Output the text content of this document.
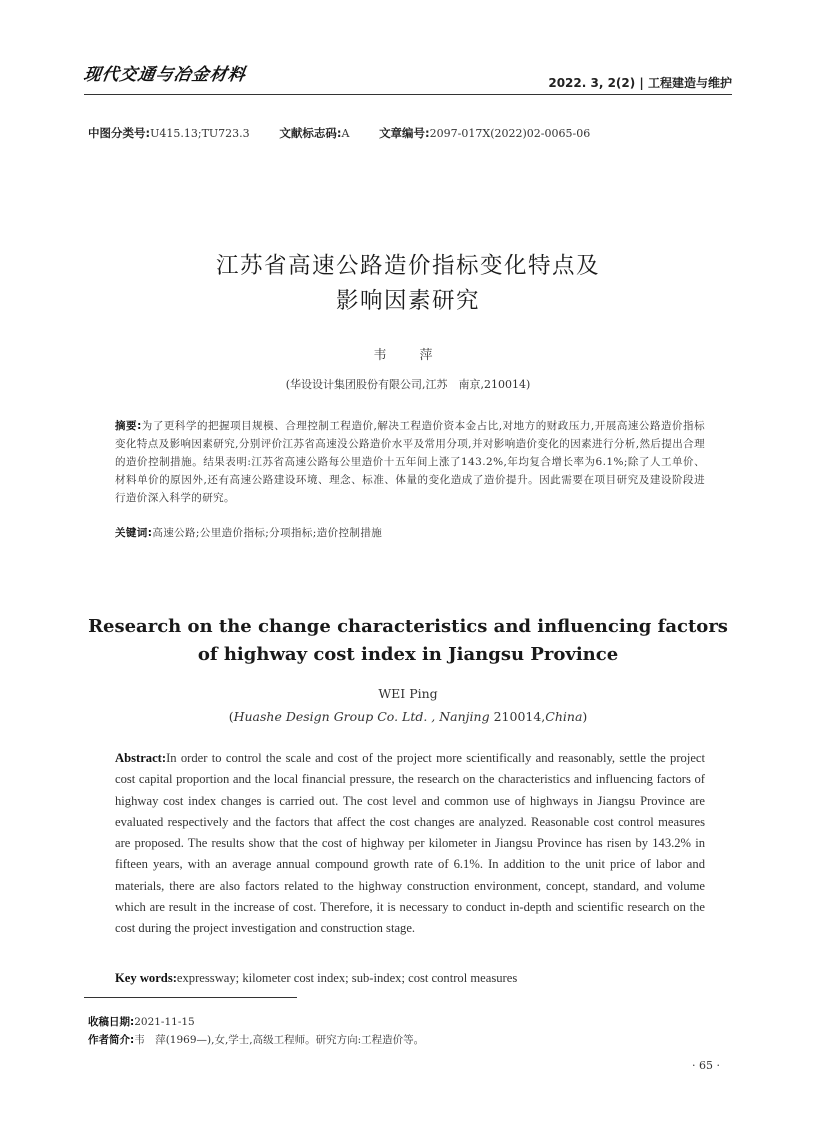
现代交通与冶金材料	2022. 3, 2(2) | 工程建造与维护
中图分类号:U415.13;TU723.3	文献标志码:A	文章编号:2097-017X(2022)02-0065-06
江苏省高速公路造价指标变化特点及
影响因素研究
韦　萍
(华设设计集团股份有限公司,江苏　南京,210014)
摘要:为了更科学的把握项目规模、合理控制工程造价,解决工程造价资本金占比,对地方的财政压力,开展高速公路造价指标变化特点及影响因素研究,分别评价江苏省高速没公路造价水平及常用分项,并对影响造价变化的因素进行分析,然后提出合理的造价控制措施。结果表明:江苏省高速公路每公里造价十五年间上涨了143.2%,年均复合增长率为6.1%;除了人工单价、材料单价的原因外,还有高速公路建设环境、理念、标准、体量的变化造成了造价提升。因此需要在项目研究及建设阶段进行造价深入科学的研究。
关键词:高速公路;公里造价指标;分项指标;造价控制措施
Research on the change characteristics and influencing factors
of highway cost index in Jiangsu Province
WEI Ping
(Huashe Design Group Co. Ltd. , Nanjing 210014,China)
Abstract:In order to control the scale and cost of the project more scientifically and reasonably, settle the project cost capital proportion and the local financial pressure, the research on the characteristics and influencing factors of highway cost index changes is carried out. The cost level and common use of highways in Jiangsu Province are evaluated respectively and the factors that affect the cost changes are analyzed. Reasonable cost control measures are proposed. The results show that the cost of highway per kilometer in Jiangsu Province has risen by 143.2% in fifteen years, with an average annual compound growth rate of 6.1%. In addition to the unit price of labor and materials, there are also factors related to the highway construction environment, concept, standard, and volume which are result in the increase of cost. Therefore, it is necessary to conduct in-depth and scientific research on the cost during the project investigation and construction stage.
Key words:expressway; kilometer cost index; sub-index; cost control measures
收稿日期:2021-11-15
作者简介:韦　萍(1969—),女,学士,高级工程师。研究方向:工程造价等。
· 65 ·
